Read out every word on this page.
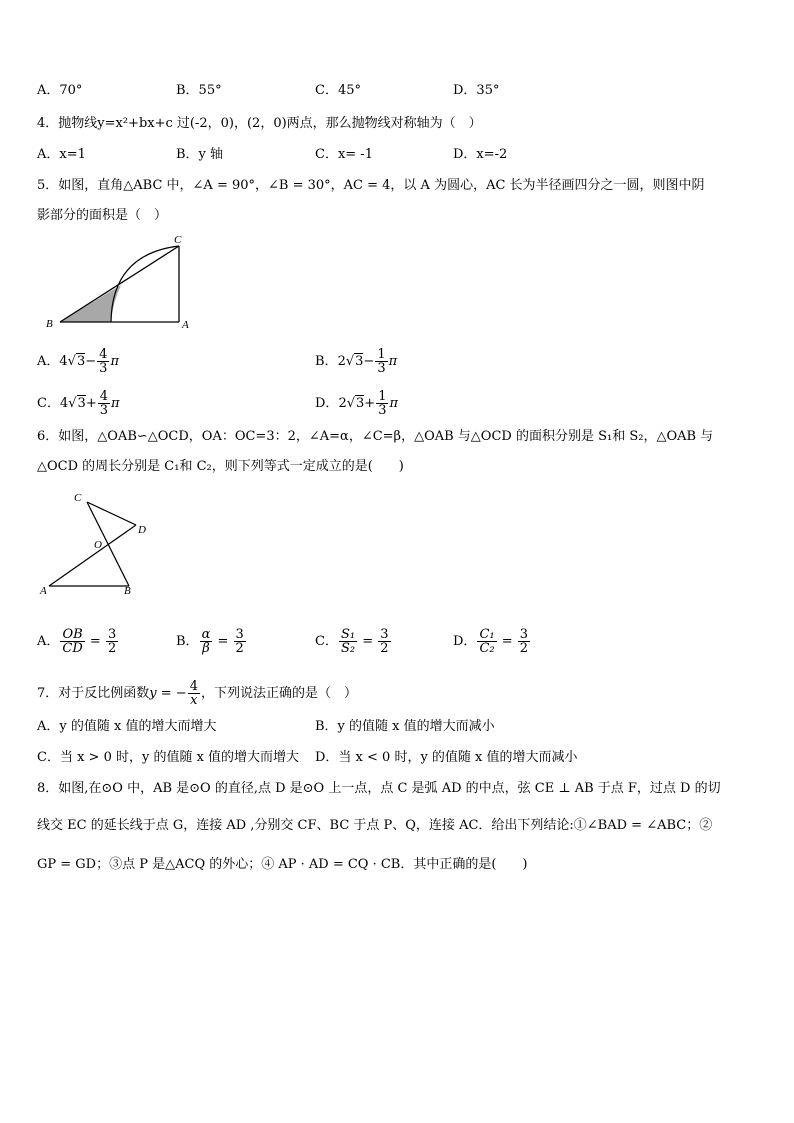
A．70°	B．55°	C．45°	D．35°
4．抛物线y=x²+bx+c 过(-2，0)，(2，0)两点，那么抛物线对称轴为（　）
A．x=1	B．y 轴	C．x= -1	D．x=-2
5．如图，直角△ABC 中，∠A = 90°，∠B = 30°，AC = 4，以 A 为圆心，AC 长为半径画四分之一圆，则图中阴
影部分的面积是（　）
B	A
C
A．$4√3- \frac{4}{3}$ π	B．$2√3- \frac{1}{3}$ π
C．$4√3+ \frac{4}{3}$ π	D．$2√3+ \frac{1}{3}$ π
6．如图，△OAB∽△OCD，OA：OC=3：2，∠A=α，∠C=β，△OAB 与△OCD 的面积分别是 S₁和 S₂，△OAB 与
△OCD 的周长分别是 C₁和 C₂，则下列等式一定成立的是(　　)
C
D
O
A	B
A． $\frac{OB}{CD} = \frac{3}{2}$	B． $\frac{\alpha}{\beta} = \frac{3}{2}$	C． $\frac{\text{S₁}}{\text{S₂}} = \frac{3}{2}$	D． $\frac{\text{C₁}}{\text{C₂}} = \frac{3}{2}$
7．对于反比例函数y = − $\frac{4}{x}$ ，下列说法正确的是（　）
A．y 的值随 x 值的增大而增大	B．y 的值随 x 值的增大而减小
C．当 x > 0 时，y 的值随 x 值的增大而增大 D．当 x < 0 时，y 的值随 x 值的增大而减小
8．如图,在⊙O 中，AB 是⊙O 的直径,点 D 是⊙O 上一点，点 C 是弧 AD 的中点，弦 CE ⊥ AB 于点 F，过点 D 的切
线交 EC 的延长线于点 G，连接 AD ,分别交 CF、BC 于点 P、Q，连接 AC．给出下列结论:①∠BAD = ∠ABC；②
GP = GD；③点 P 是△ACQ 的外心；④ AP · AD = CQ · CB．其中正确的是(　　)
